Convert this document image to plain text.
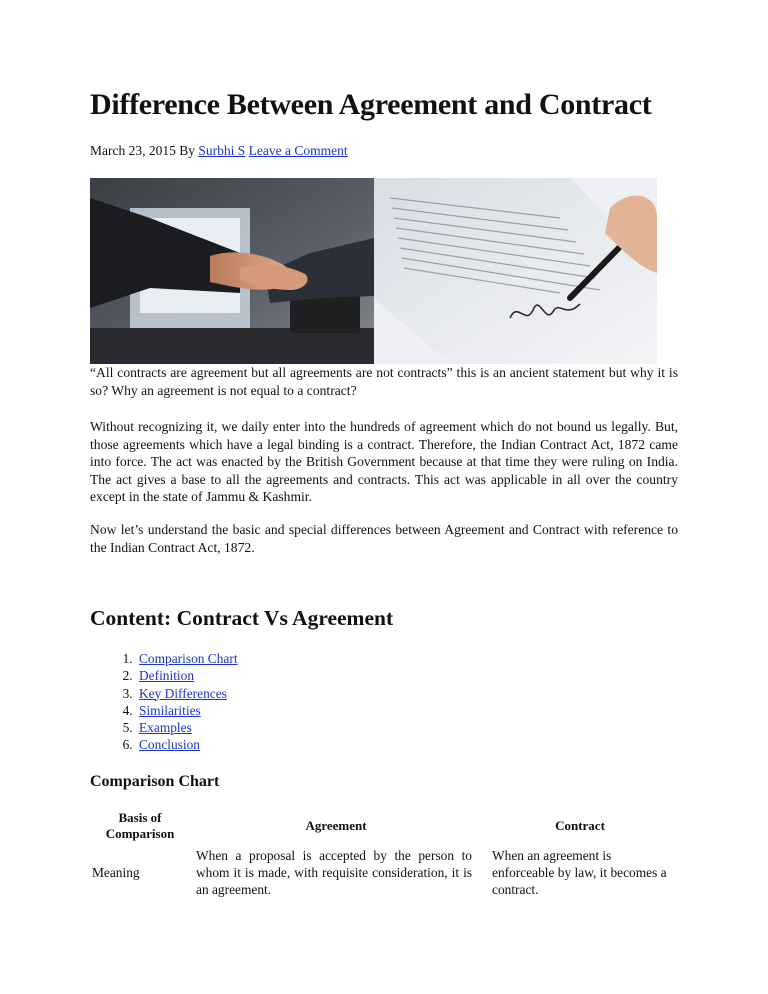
Difference Between Agreement and Contract
March 23, 2015 By Surbhi S Leave a Comment

“All contracts are agreement but all agreements are not contracts” this is an ancient statement but why it is so? Why an agreement is not equal to a contract?

Without recognizing it, we daily enter into the hundreds of agreement which do not bound us legally. But, those agreements which have a legal binding is a contract. Therefore, the Indian Contract Act, 1872 came into force. The act was enacted by the British Government because at that time they were ruling on India. The act gives a base to all the agreements and contracts. This act was applicable in all over the country except in the state of Jammu & Kashmir.

Now let’s understand the basic and special differences between Agreement and Contract with reference to the Indian Contract Act, 1872.

Content: Contract Vs Agreement
1. Comparison Chart
2. Definition
3. Key Differences
4. Similarities
5. Examples
6. Conclusion
Comparison Chart
Basis of Comparison	Agreement	Contract
Meaning	When a proposal is accepted by the person to whom it is made, with requisite consideration, it is an agreement.	When an agreement is enforceable by law, it becomes a contract.
